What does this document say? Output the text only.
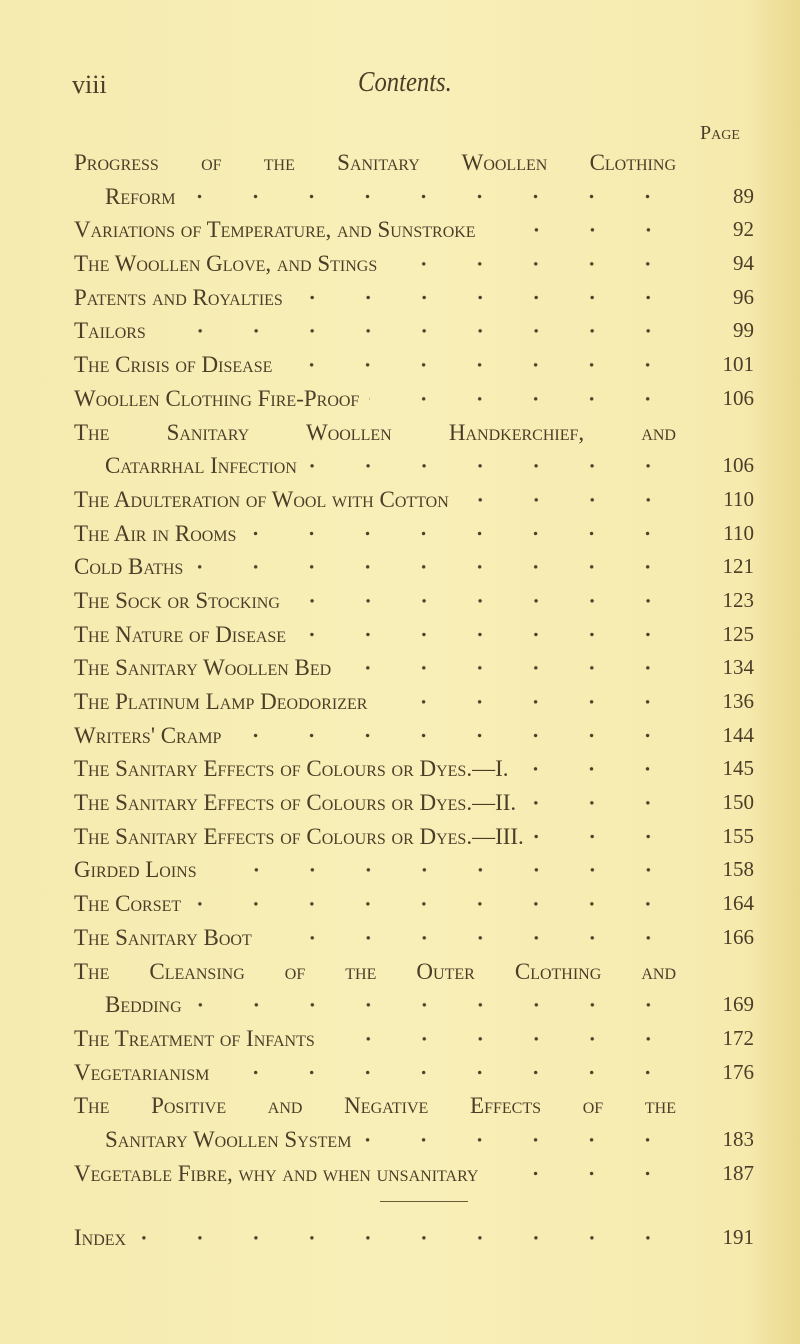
viii	Contents.
Page
Progress of the Sanitary Woollen Clothing
Reform	89
Variations of Temperature, and Sunstroke	92
The Woollen Glove, and Stings	94
Patents and Royalties	96
Tailors	99
The Crisis of Disease	101
Woollen Clothing Fire-Proof	106
The Sanitary Woollen Handkerchief, and
Catarrhal Infection	106
The Adulteration of Wool with Cotton	110
The Air in Rooms	110
Cold Baths	121
The Sock or Stocking	123
The Nature of Disease	125
The Sanitary Woollen Bed	134
The Platinum Lamp Deodorizer	136
Writers' Cramp	144
The Sanitary Effects of Colours or Dyes.—I.	145
The Sanitary Effects of Colours or Dyes.—II.	150
The Sanitary Effects of Colours or Dyes.—III.	155
Girded Loins	158
The Corset	164
The Sanitary Boot	166
The Cleansing of the Outer Clothing and
Bedding	169
The Treatment of Infants	172
Vegetarianism	176
The Positive and Negative Effects of the
Sanitary Woollen System	183
Vegetable Fibre, why and when unsanitary	187
Index	191
